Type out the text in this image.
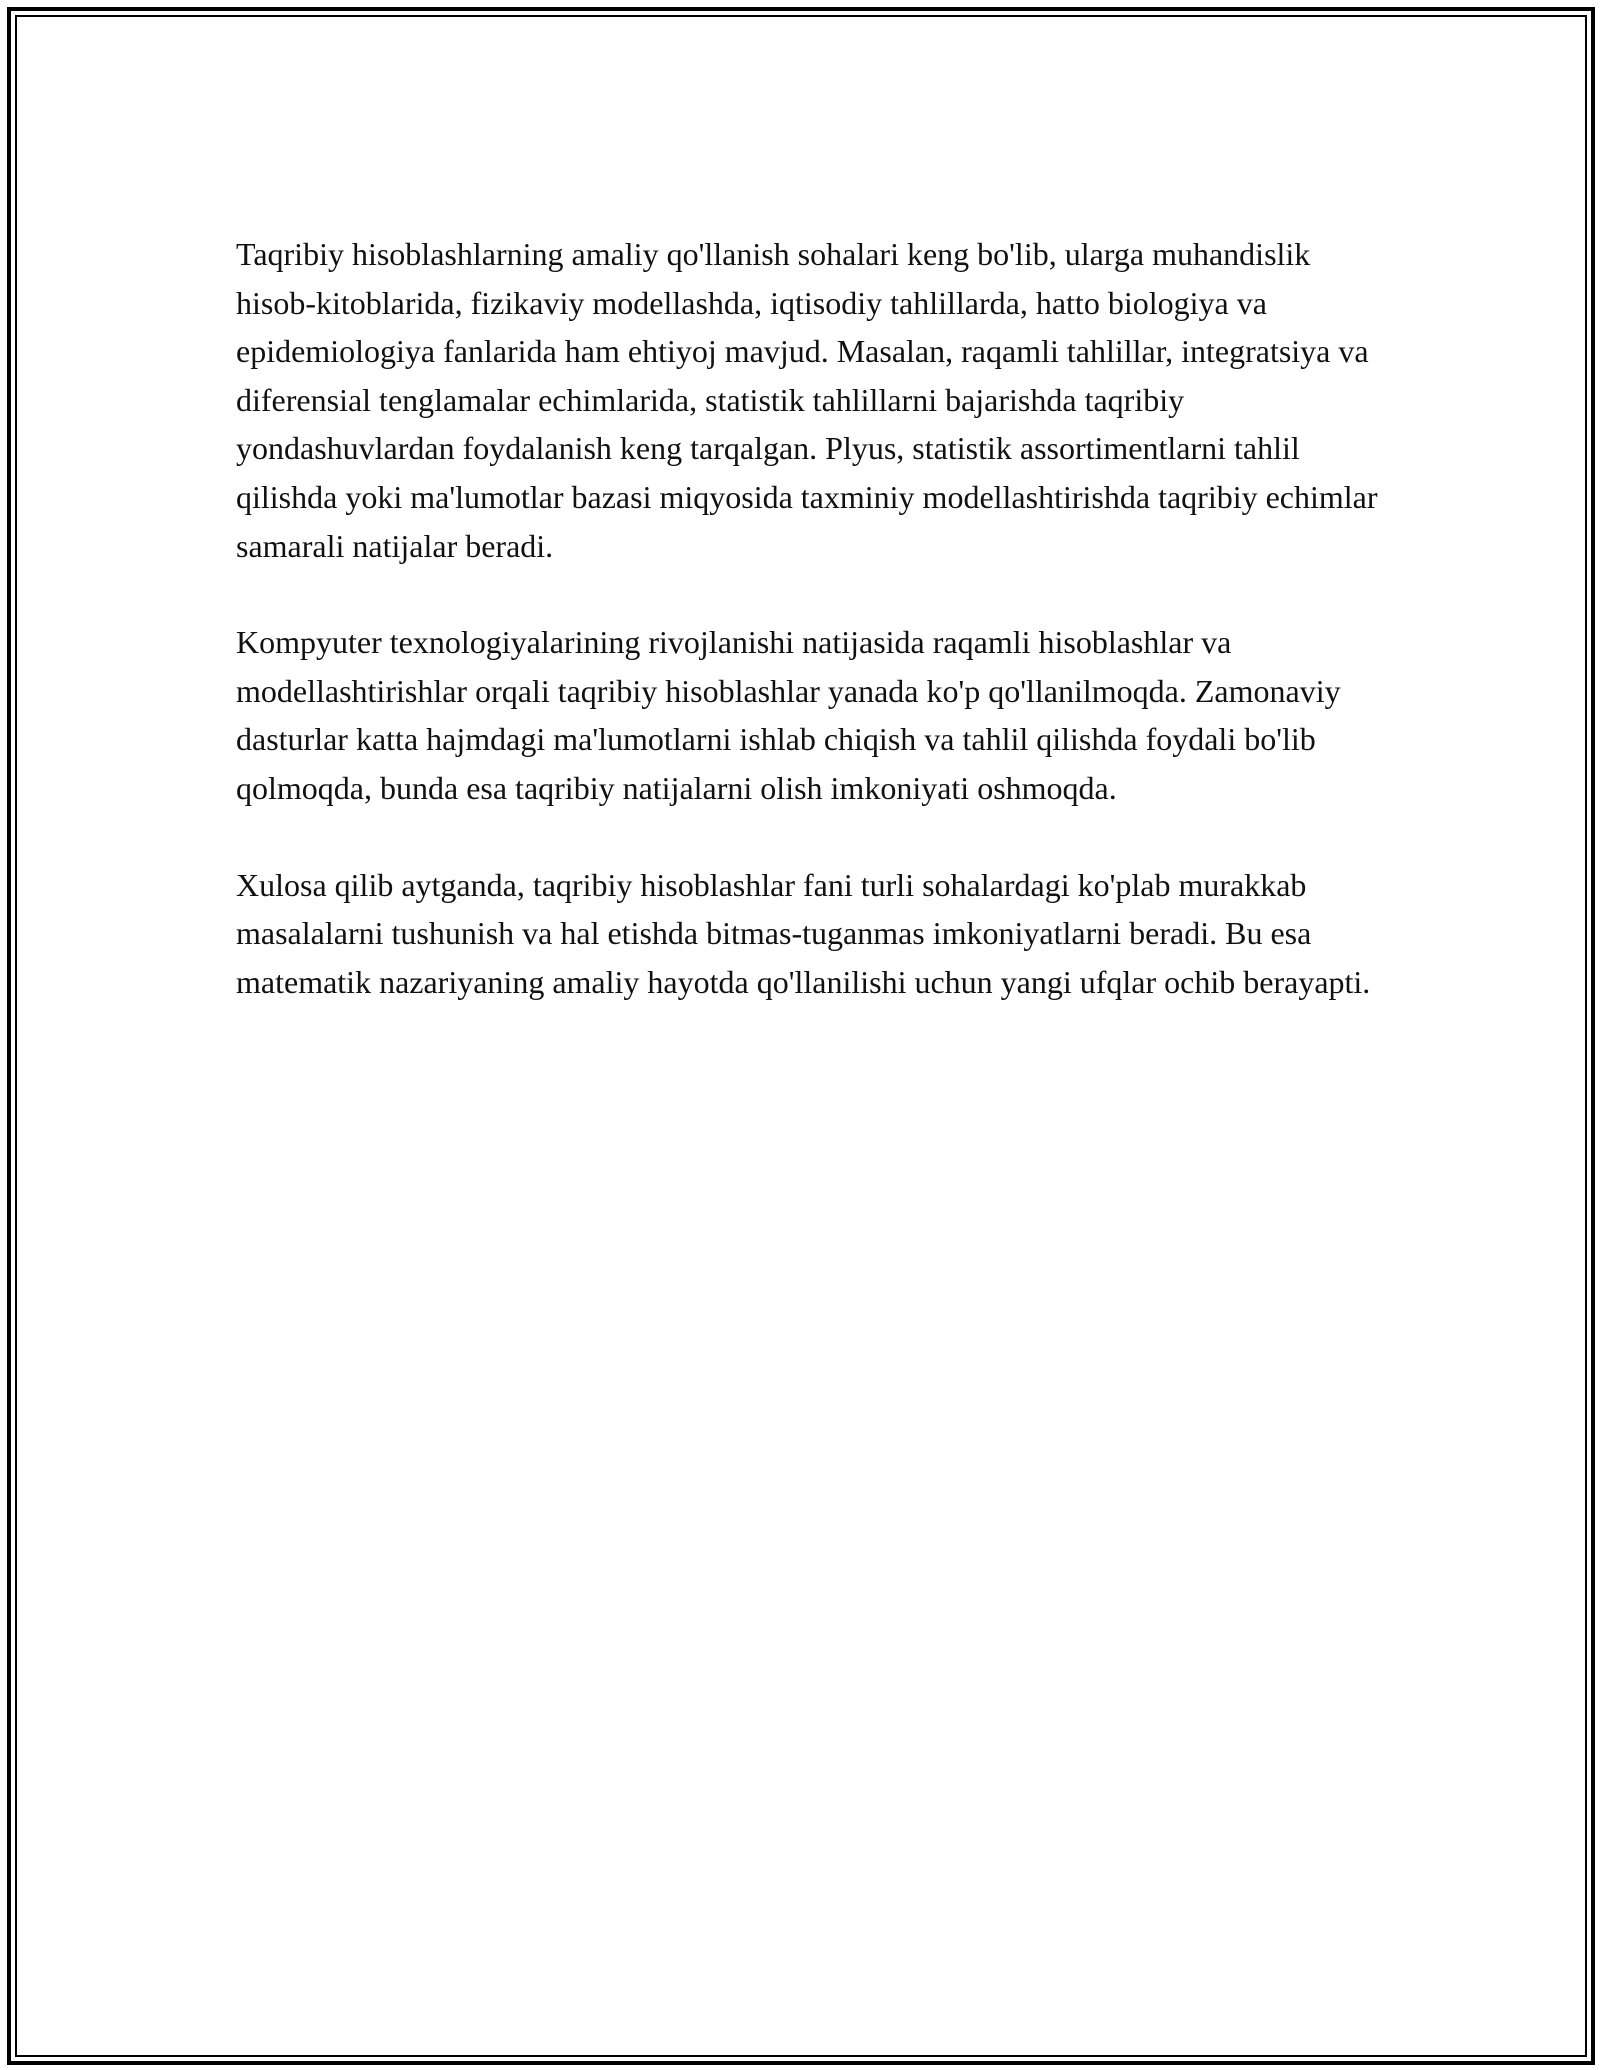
Taqribiy hisoblashlarning amaliy qo'llanish sohalari keng bo'lib, ularga muhandislik hisob-kitoblarida, fizikaviy modellashda, iqtisodiy tahlillarda, hatto biologiya va epidemiologiya fanlarida ham ehtiyoj mavjud. Masalan, raqamli tahlillar, integratsiya va diferensial tenglamalar echimlarida, statistik tahlillarni bajarishda taqribiy yondashuvlardan foydalanish keng tarqalgan. Plyus, statistik assortimentlarni tahlil qilishda yoki ma'lumotlar bazasi miqyosida taxminiy modellashtirishda taqribiy echimlar samarali natijalar beradi.

Kompyuter texnologiyalarining rivojlanishi natijasida raqamli hisoblashlar va modellashtirishlar orqali taqribiy hisoblashlar yanada ko'p qo'llanilmoqda. Zamonaviy dasturlar katta hajmdagi ma'lumotlarni ishlab chiqish va tahlil qilishda foydali bo'lib qolmoqda, bunda esa taqribiy natijalarni olish imkoniyati oshmoqda.

Xulosa qilib aytganda, taqribiy hisoblashlar fani turli sohalardagi ko'plab murakkab masalalarni tushunish va hal etishda bitmas-tuganmas imkoniyatlarni beradi. Bu esa matematik nazariyaning amaliy hayotda qo'llanilishi uchun yangi ufqlar ochib berayapti.
